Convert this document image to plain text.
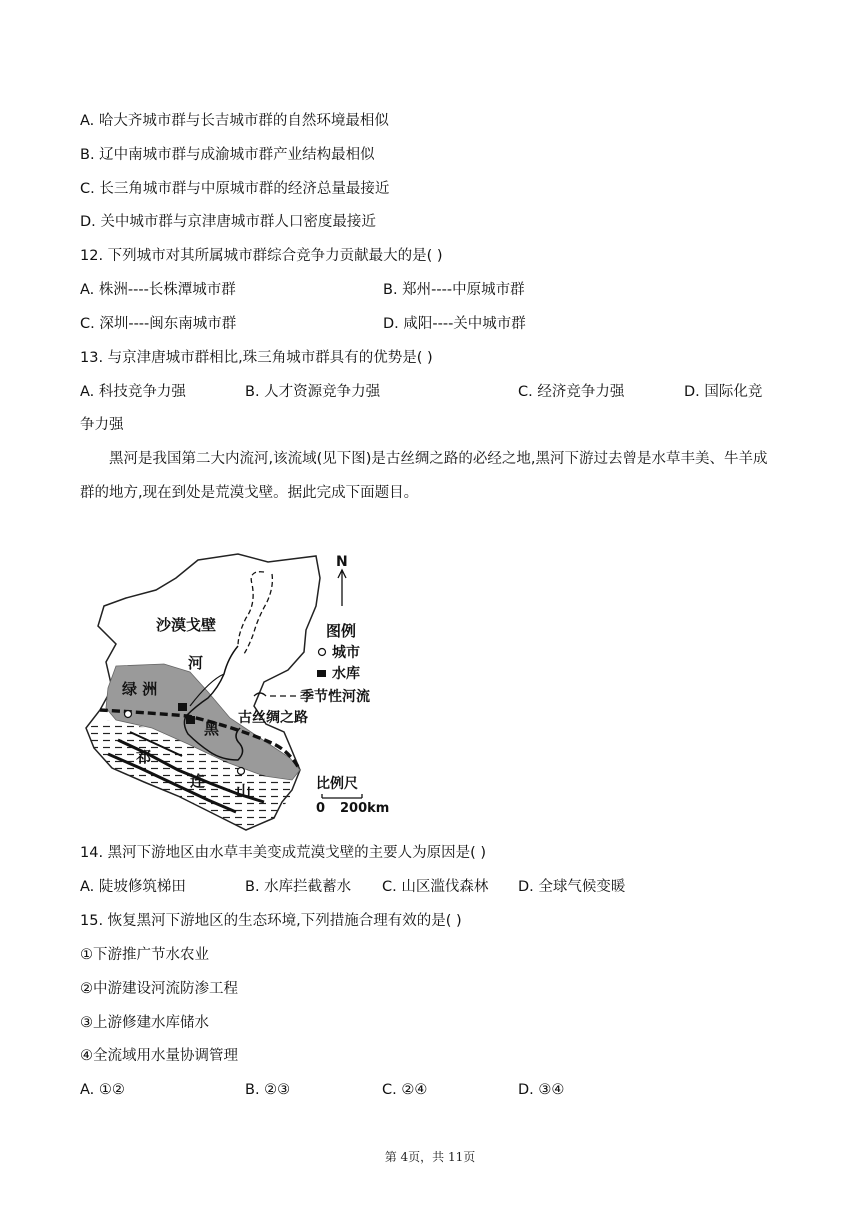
A. 哈大齐城市群与长吉城市群的自然环境最相似
B. 辽中南城市群与成渝城市群产业结构最相似
C. 长三角城市群与中原城市群的经济总量最接近
D. 关中城市群与京津唐城市群人口密度最接近
12. 下列城市对其所属城市群综合竞争力贡献最大的是( )
A. 株洲----长株潭城市群	B. 郑州----中原城市群
C. 深圳----闽东南城市群	D. 咸阳----关中城市群
13. 与京津唐城市群相比,珠三角城市群具有的优势是( )
A. 科技竞争力强	B. 人才资源竞争力强	C. 经济竞争力强	D. 国际化竞
争力强
黑河是我国第二大内流河,该流域(见下图)是古丝绸之路的必经之地,黑河下游过去曾是水草丰美、牛羊成群的地方,现在到处是荒漠戈壁。据此完成下面题目。
沙漠戈壁
河
绿 洲
黑
祁
连
山
古丝绸之路
N
图例
城市
水库
季节性河流
比例尺
0 200km
14. 黑河下游地区由水草丰美变成荒漠戈壁的主要人为原因是( )
A. 陡坡修筑梯田	B. 水库拦截蓄水 C. 山区滥伐森林 D. 全球气候变暖
15. 恢复黑河下游地区的生态环境,下列措施合理有效的是( )
①下游推广节水农业
②中游建设河流防渗工程
③上游修建水库储水
④全流域用水量协调管理
A. ①②	B. ②③	C. ②④	D. ③④
第 4页，共 11页
